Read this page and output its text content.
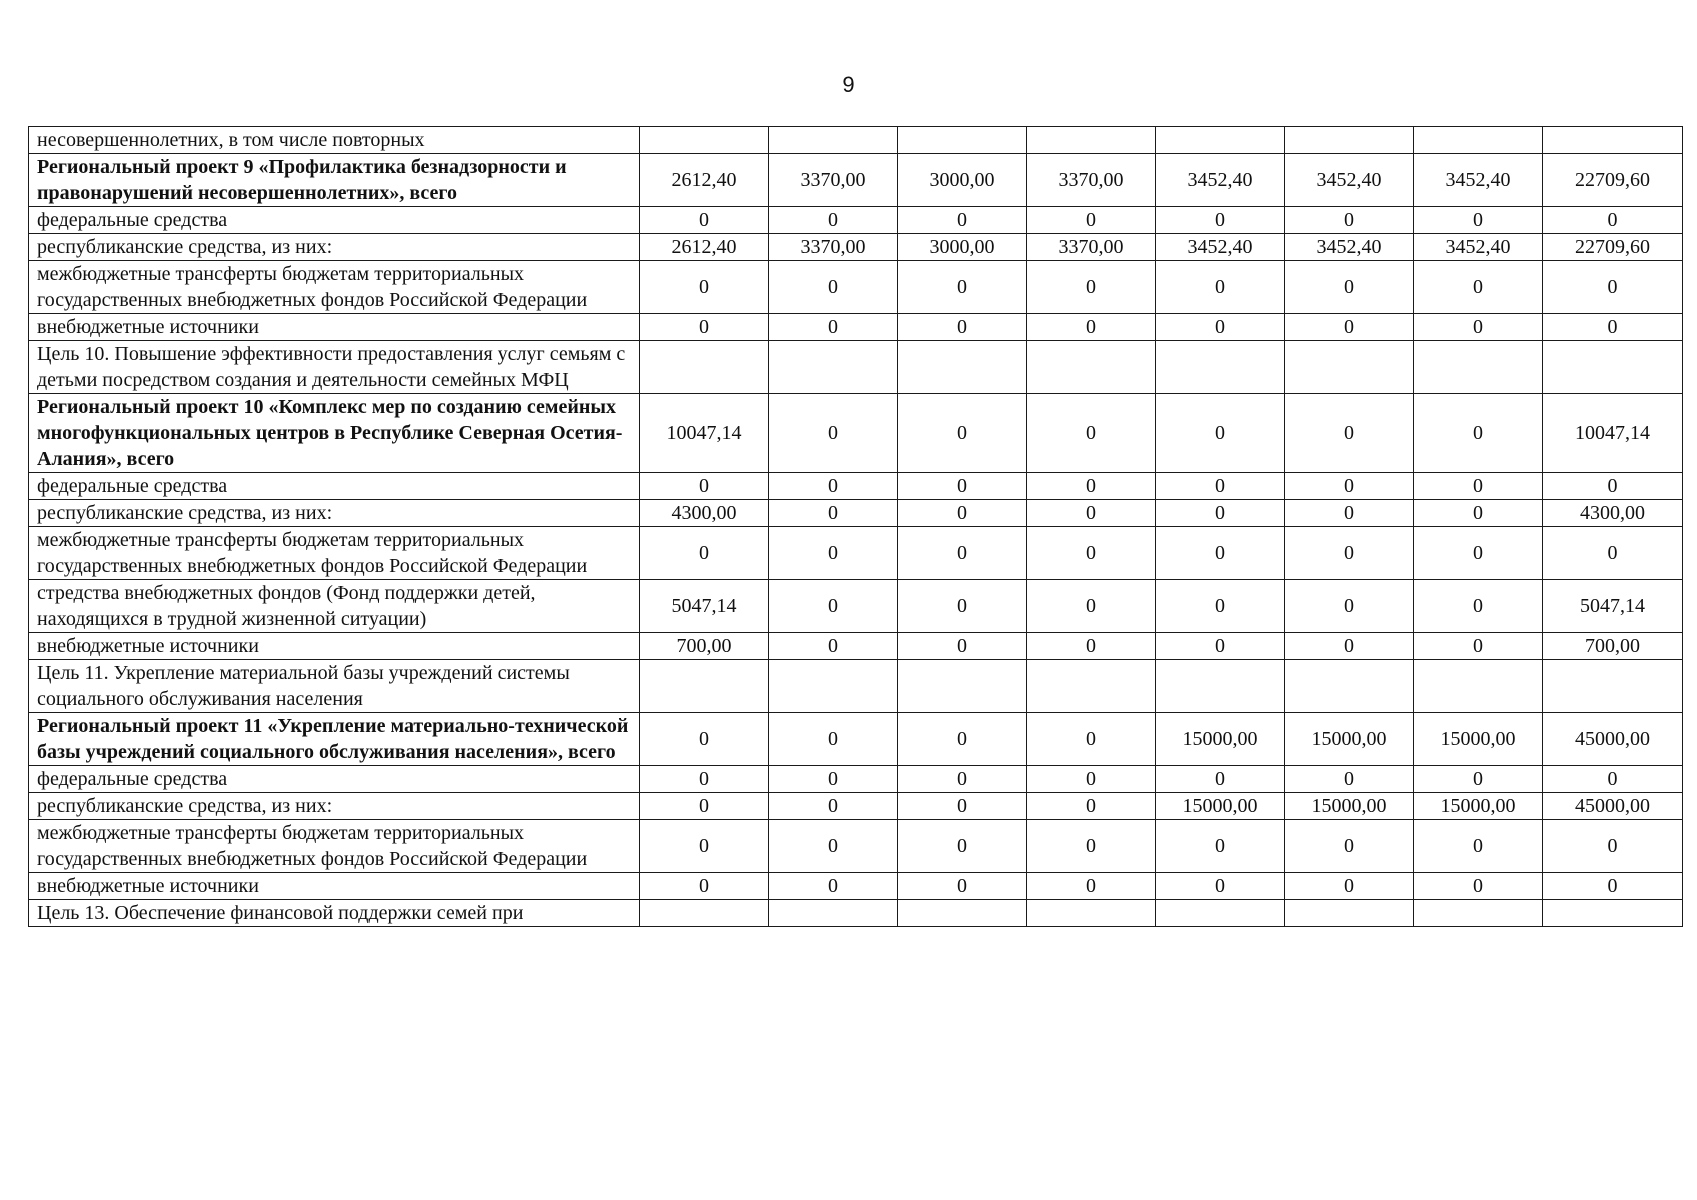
9
несовершеннолетних, в том числе повторных								
Региональный проект 9 «Профилактика безнадзорности и правонарушений несовершеннолетних», всего	2612,40	3370,00	3000,00	3370,00	3452,40	3452,40	3452,40	22709,60
федеральные средства	0	0	0	0	0	0	0	0
республиканские средства, из них:	2612,40	3370,00	3000,00	3370,00	3452,40	3452,40	3452,40	22709,60
межбюджетные трансферты бюджетам территориальных государственных внебюджетных фондов Российской Федерации	0	0	0	0	0	0	0	0
внебюджетные источники	0	0	0	0	0	0	0	0
Цель 10. Повышение эффективности предоставления услуг семьям с детьми посредством создания и деятельности семейных МФЦ								
Региональный проект 10 «Комплекс мер по созданию семейных многофункциональных центров в Республике Северная Осетия-Алания», всего	10047,14	0	0	0	0	0	0	10047,14
федеральные средства	0	0	0	0	0	0	0	0
республиканские средства, из них:	4300,00	0	0	0	0	0	0	4300,00
межбюджетные трансферты бюджетам территориальных государственных внебюджетных фондов Российской Федерации	0	0	0	0	0	0	0	0
стредства внебюджетных фондов (Фонд поддержки детей, находящихся в трудной жизненной ситуации)	5047,14	0	0	0	0	0	0	5047,14
внебюджетные источники	700,00	0	0	0	0	0	0	700,00
Цель 11. Укрепление материальной базы учреждений системы социального обслуживания населения								
Региональный проект 11 «Укрепление материально-технической базы учреждений социального обслуживания населения», всего	0	0	0	0	15000,00	15000,00	15000,00	45000,00
федеральные средства	0	0	0	0	0	0	0	0
республиканские средства, из них:	0	0	0	0	15000,00	15000,00	15000,00	45000,00
межбюджетные трансферты бюджетам территориальных государственных внебюджетных фондов Российской Федерации	0	0	0	0	0	0	0	0
внебюджетные источники	0	0	0	0	0	0	0	0
Цель 13. Обеспечение финансовой поддержки семей при								
